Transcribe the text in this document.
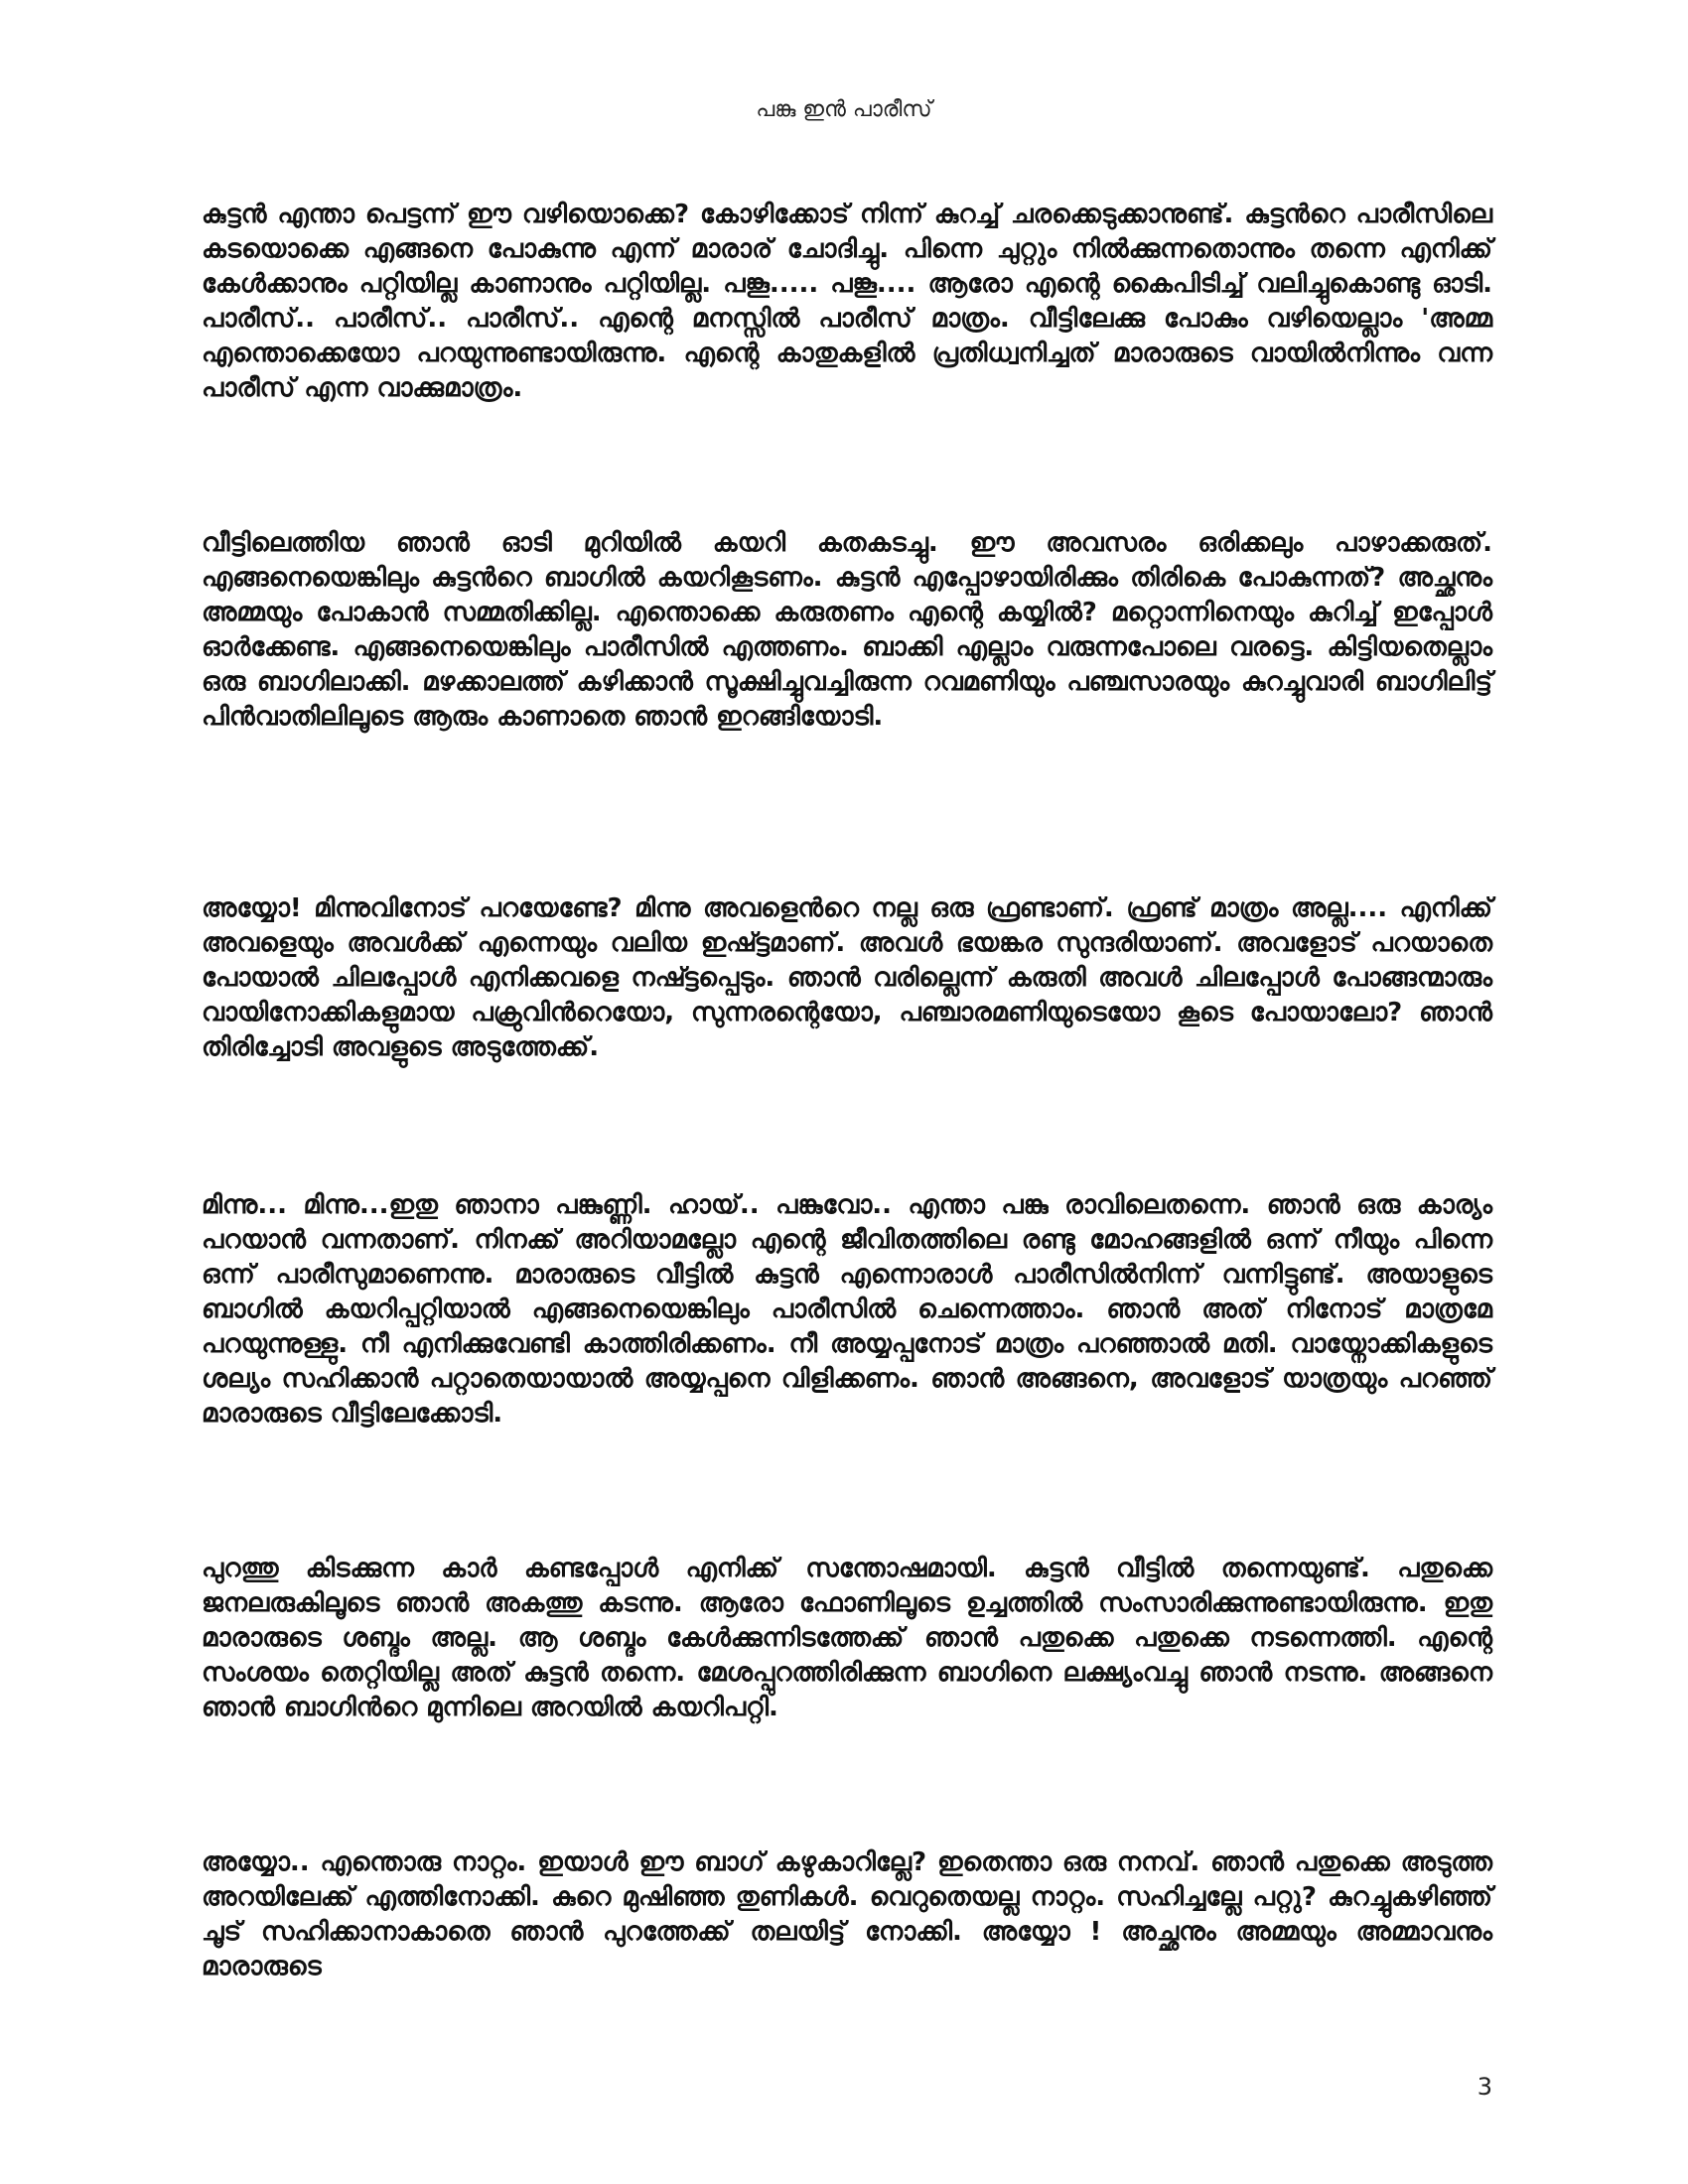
പങ്കു ഇൻ പാരീസ്

കുട്ടൻ എന്താ പെട്ടന്ന് ഈ വഴിയൊക്കെ? കോഴിക്കോട് നിന്ന് കുറച്ച് ചരക്കെടുക്കാനുണ്ട്. കുട്ടൻറെ പാരീസിലെ കടയൊക്കെ എങ്ങനെ പോകുന്നു എന്ന് മാരാര് ചോദിച്ചു. പിന്നെ ചുറ്റും നിൽക്കുന്നതൊന്നും തന്നെ എനിക്ക് കേൾക്കാനും പറ്റിയില്ല കാണാനും പറ്റിയില്ല. പങ്കൂ..... പങ്കൂ.... ആരോ എന്റെ കൈപിടിച്ച് വലിച്ചുകൊണ്ടു ഓടി. പാരീസ്.. പാരീസ്.. പാരീസ്.. എന്റെ മനസ്സിൽ പാരീസ് മാത്രം. വീട്ടിലേക്കു പോകും വഴിയെല്ലാം 'അമ്മ എന്തൊക്കെയോ പറയുന്നുണ്ടായിരുന്നു. എന്റെ കാതുകളിൽ പ്രതിധ്വനിച്ചത് മാരാരുടെ വായിൽനിന്നും വന്ന പാരീസ് എന്ന വാക്കുമാത്രം.

വീട്ടിലെത്തിയ ഞാൻ ഓടി മുറിയിൽ കയറി കതകടച്ചു. ഈ അവസരം ഒരിക്കലും പാഴാക്കരുത്. എങ്ങനെയെങ്കിലും കുട്ടൻറെ ബാഗിൽ കയറികൂടണം. കുട്ടൻ എപ്പോഴായിരിക്കും തിരികെ പോകുന്നത്? അച്ഛനും അമ്മയും പോകാൻ സമ്മതിക്കില്ല. എന്തൊക്കെ കരുതണം എന്റെ കയ്യിൽ? മറ്റൊന്നിനെയും കുറിച്ച് ഇപ്പോൾ ഓർക്കേണ്ട. എങ്ങനെയെങ്കിലും പാരീസിൽ എത്തണം. ബാക്കി എല്ലാം വരുന്നപോലെ വരട്ടെ. കിട്ടിയതെല്ലാം ഒരു ബാഗിലാക്കി. മഴക്കാലത്ത് കഴിക്കാൻ സൂക്ഷിച്ചുവച്ചിരുന്ന റവമണിയും പഞ്ചസാരയും കുറച്ചുവാരി ബാഗിലിട്ട് പിൻവാതിലിലൂടെ ആരും കാണാതെ ഞാൻ ഇറങ്ങിയോടി.

അയ്യോ! മിന്നുവിനോട് പറയേണ്ടേ? മിന്നു അവളെൻറെ നല്ല ഒരു ഫ്രണ്ടാണ്. ഫ്രണ്ട് മാത്രം അല്ല.... എനിക്ക് അവളെയും അവൾക്ക് എന്നെയും വലിയ ഇഷ്ട്ടമാണ്. അവൾ ഭയങ്കര സുന്ദരിയാണ്. അവളോട് പറയാതെ പോയാൽ ചിലപ്പോൾ എനിക്കവളെ നഷ്ട്ടപ്പെടും. ഞാൻ വരില്ലെന്ന് കരുതി അവൾ ചിലപ്പോൾ പോങ്ങന്മാരും വായിനോക്കികളുമായ പക്രുവിൻറെയോ, സുന്നരന്റെയോ, പഞ്ചാരമണിയുടെയോ കൂടെ പോയാലോ? ഞാൻ തിരിച്ചോടി അവളുടെ അടുത്തേക്ക്.

മിന്നു... മിന്നു...ഇതു ഞാനാ പങ്കുണ്ണി. ഹായ്.. പങ്കുവോ.. എന്താ പങ്കു രാവിലെതന്നെ. ഞാൻ ഒരു കാര്യം പറയാൻ വന്നതാണ്. നിനക്ക് അറിയാമല്ലോ എന്റെ ജീവിതത്തിലെ രണ്ടു മോഹങ്ങളിൽ ഒന്ന് നീയും പിന്നെ ഒന്ന് പാരീസുമാണെന്നു. മാരാരുടെ വീട്ടിൽ കുട്ടൻ എന്നൊരാൾ പാരീസിൽനിന്ന് വന്നിട്ടുണ്ട്. അയാളുടെ ബാഗിൽ കയറിപ്പറ്റിയാൽ എങ്ങനെയെങ്കിലും പാരീസിൽ ചെന്നെത്താം. ഞാൻ അത് നിനോട് മാത്രമേ പറയുന്നുള്ളു. നീ എനിക്കുവേണ്ടി കാത്തിരിക്കണം. നീ അയ്യപ്പനോട് മാത്രം പറഞ്ഞാൽ മതി. വായ്നോക്കികളുടെ ശല്യം സഹിക്കാൻ പറ്റാതെയായാൽ അയ്യപ്പനെ വിളിക്കണം. ഞാൻ അങ്ങനെ, അവളോട് യാത്രയും പറഞ്ഞ് മാരാരുടെ വീട്ടിലേക്കോടി.

പുറത്തു കിടക്കുന്ന കാർ കണ്ടപ്പോൾ എനിക്ക് സന്തോഷമായി. കുട്ടൻ വീട്ടിൽ തന്നെയുണ്ട്. പതുക്കെ ജനലരുകിലൂടെ ഞാൻ അകത്തു കടന്നു. ആരോ ഫോണിലൂടെ ഉച്ചത്തിൽ സംസാരിക്കുന്നുണ്ടായിരുന്നു. ഇതു മാരാരുടെ ശബ്ദം അല്ല. ആ ശബ്ദം കേൾക്കുന്നിടത്തേക്ക് ഞാൻ പതുക്കെ പതുക്കെ നടന്നെത്തി. എന്റെ സംശയം തെറ്റിയില്ല അത് കുട്ടൻ തന്നെ. മേശപ്പുറത്തിരിക്കുന്ന ബാഗിനെ ലക്ഷ്യംവച്ചു ഞാൻ നടന്നു. അങ്ങനെ ഞാൻ ബാഗിൻറെ മുന്നിലെ അറയിൽ കയറിപറ്റി.

അയ്യോ.. എന്തൊരു നാറ്റം. ഇയാൾ ഈ ബാഗ് കഴുകാറില്ലേ? ഇതെന്താ ഒരു നനവ്. ഞാൻ പതുക്കെ അടുത്ത അറയിലേക്ക് എത്തിനോക്കി. കുറെ മുഷിഞ്ഞ തുണികൾ. വെറുതെയല്ല നാറ്റം. സഹിച്ചല്ലേ പറ്റു? കുറച്ചുകഴിഞ്ഞ് ചൂട് സഹിക്കാനാകാതെ ഞാൻ പുറത്തേക്ക് തലയിട്ട് നോക്കി. അയ്യോ ! അച്ഛനും അമ്മയും അമ്മാവനും മാരാരുടെ

3
